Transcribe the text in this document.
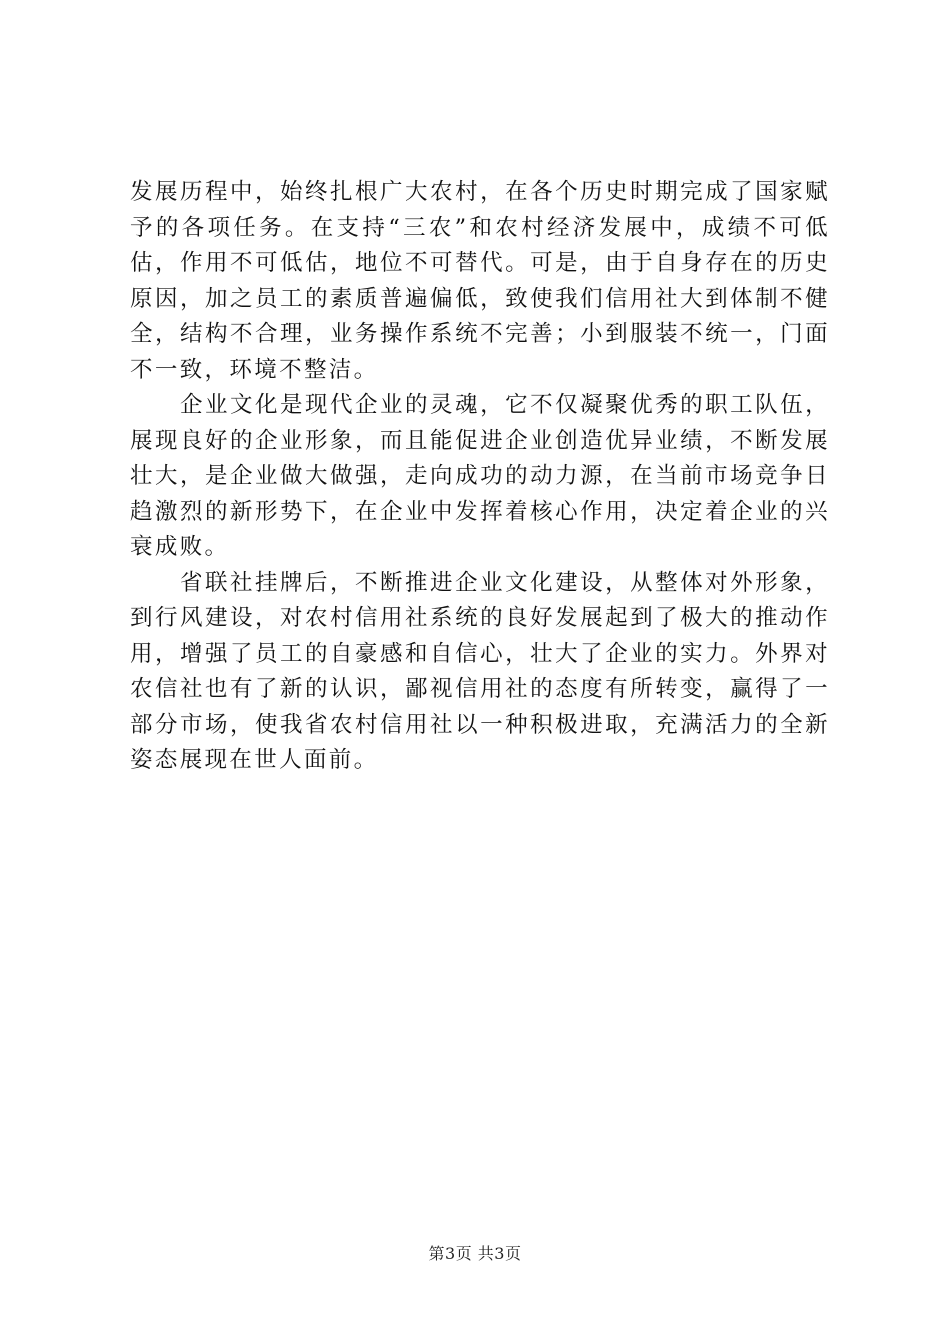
发展历程中，始终扎根广大农村，在各个历史时期完成了国家赋予的各项任务。在支持“三农”和农村经济发展中，成绩不可低估，作用不可低估，地位不可替代。可是，由于自身存在的历史原因，加之员工的素质普遍偏低，致使我们信用社大到体制不健全，结构不合理，业务操作系统不完善；小到服装不统一，门面不一致，环境不整洁。

企业文化是现代企业的灵魂，它不仅凝聚优秀的职工队伍，展现良好的企业形象，而且能促进企业创造优异业绩，不断发展壮大，是企业做大做强，走向成功的动力源，在当前市场竞争日趋激烈的新形势下，在企业中发挥着核心作用，决定着企业的兴衰成败。

省联社挂牌后，不断推进企业文化建设，从整体对外形象，到行风建设，对农村信用社系统的良好发展起到了极大的推动作用，增强了员工的自豪感和自信心，壮大了企业的实力。外界对农信社也有了新的认识，鄙视信用社的态度有所转变，赢得了一部分市场，使我省农村信用社以一种积极进取，充满活力的全新姿态展现在世人面前。

第3页 共3页
